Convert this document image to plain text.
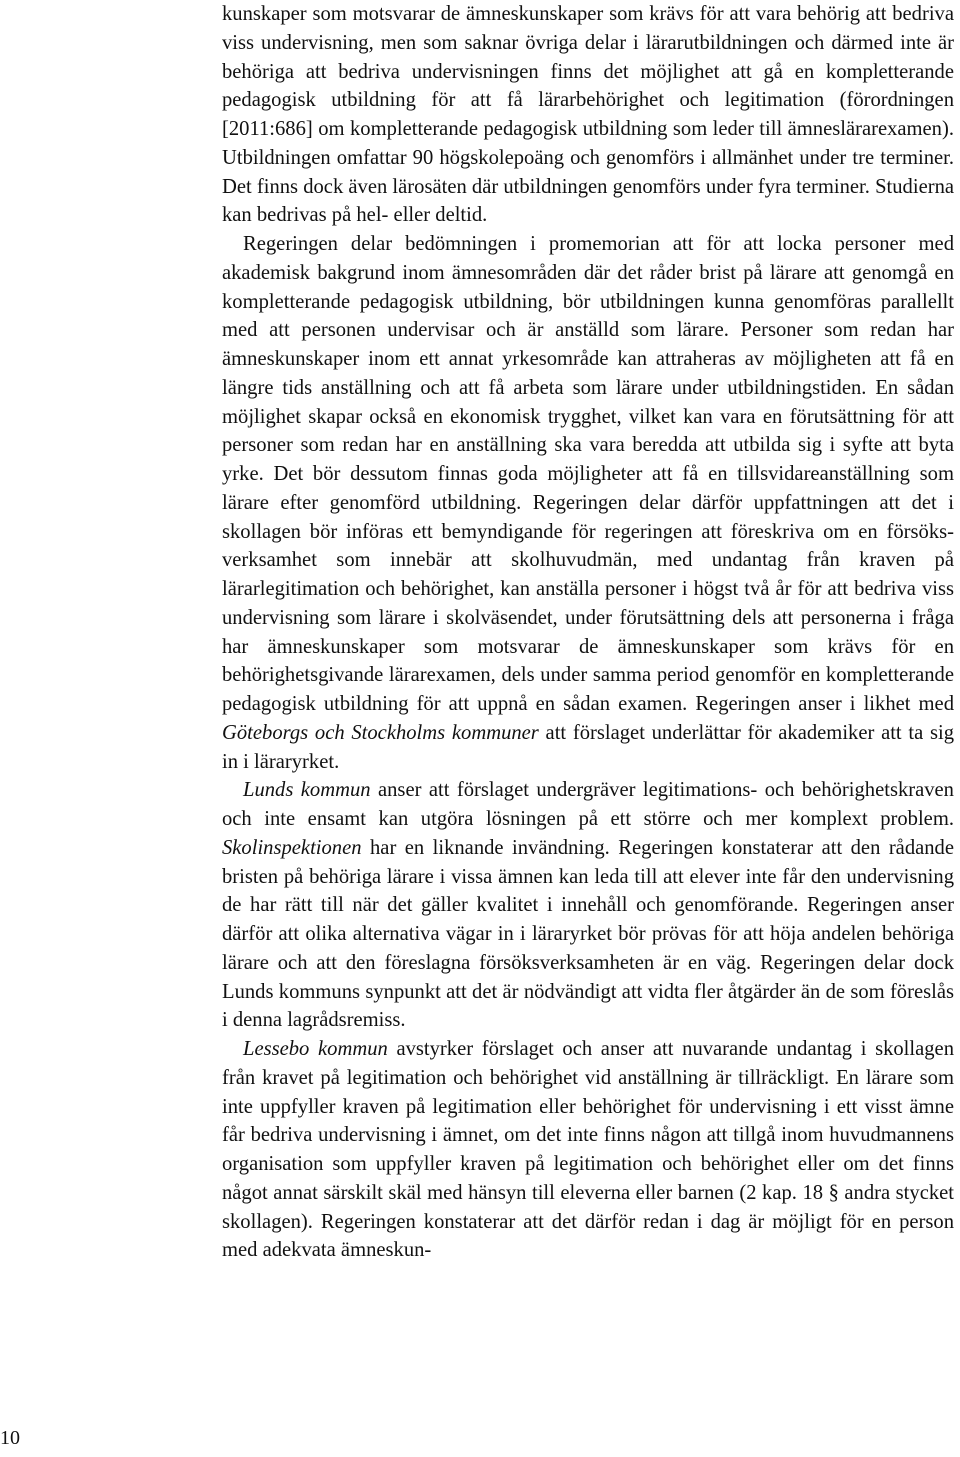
10

kunskaper som motsvarar de ämneskunskaper som krävs för att vara behörig att bedriva viss undervisning, men som saknar övriga delar i lärarutbildningen och därmed inte är behöriga att bedriva undervisningen finns det möjlighet att gå en kompletterande pedagogisk utbildning för att få lärarbehörighet och legitimation (förordningen [2011:686] om kompletterande pedagogisk utbildning som leder till ämneslärarexamen). Utbildningen omfattar 90 högskolepoäng och genomförs i allmänhet under tre terminer. Det finns dock även lärosäten där utbildningen genomförs under fyra terminer. Studierna kan bedrivas på hel- eller deltid.

Regeringen delar bedömningen i promemorian att för att locka personer med akademisk bakgrund inom ämnesområden där det råder brist på lärare att genomgå en kompletterande pedagogisk utbildning, bör utbildningen kunna genomföras parallellt med att personen undervisar och är anställd som lärare. Personer som redan har ämneskunskaper inom ett annat yrkesområde kan attraheras av möjligheten att få en längre tids anställning och att få arbeta som lärare under utbildningstiden. En sådan möjlighet skapar också en ekonomisk trygghet, vilket kan vara en förutsättning för att personer som redan har en anställning ska vara beredda att utbilda sig i syfte att byta yrke. Det bör dessutom finnas goda möjligheter att få en tillsvidareanställning som lärare efter genomförd utbildning. Regeringen delar därför uppfattningen att det i skollagen bör införas ett bemyndigande för regeringen att föreskriva om en försöksverksamhet som innebär att skolhuvudmän, med undantag från kraven på lärarlegitimation och behörighet, kan anställa personer i högst två år för att bedriva viss undervisning som lärare i skolväsendet, under förutsättning dels att personerna i fråga har ämneskunskaper som motsvarar de ämneskunskaper som krävs för en behörighetsgivande lärarexamen, dels under samma period genomför en kompletterande pedagogisk utbildning för att uppnå en sådan examen. Regeringen anser i likhet med Göteborgs och Stockholms kommuner att förslaget underlättar för akademiker att ta sig in i läraryrket.

Lunds kommun anser att förslaget undergräver legitimations- och behörighetskraven och inte ensamt kan utgöra lösningen på ett större och mer komplext problem. Skolinspektionen har en liknande invändning. Regeringen konstaterar att den rådande bristen på behöriga lärare i vissa ämnen kan leda till att elever inte får den undervisning de har rätt till när det gäller kvalitet i innehåll och genomförande. Regeringen anser därför att olika alternativa vägar in i läraryrket bör prövas för att höja andelen behöriga lärare och att den föreslagna försöksverksamheten är en väg. Regeringen delar dock Lunds kommuns synpunkt att det är nödvändigt att vidta fler åtgärder än de som föreslås i denna lagrådsremiss.

Lessebo kommun avstyrker förslaget och anser att nuvarande undantag i skollagen från kravet på legitimation och behörighet vid anställning är tillräckligt. En lärare som inte uppfyller kraven på legitimation eller behörighet för undervisning i ett visst ämne får bedriva undervisning i ämnet, om det inte finns någon att tillgå inom huvudmannens organisation som uppfyller kraven på legitimation och behörighet eller om det finns något annat särskilt skäl med hänsyn till eleverna eller barnen (2 kap. 18 § andra stycket skollagen). Regeringen konstaterar att det därför redan i dag är möjligt för en person med adekvata ämneskun-
